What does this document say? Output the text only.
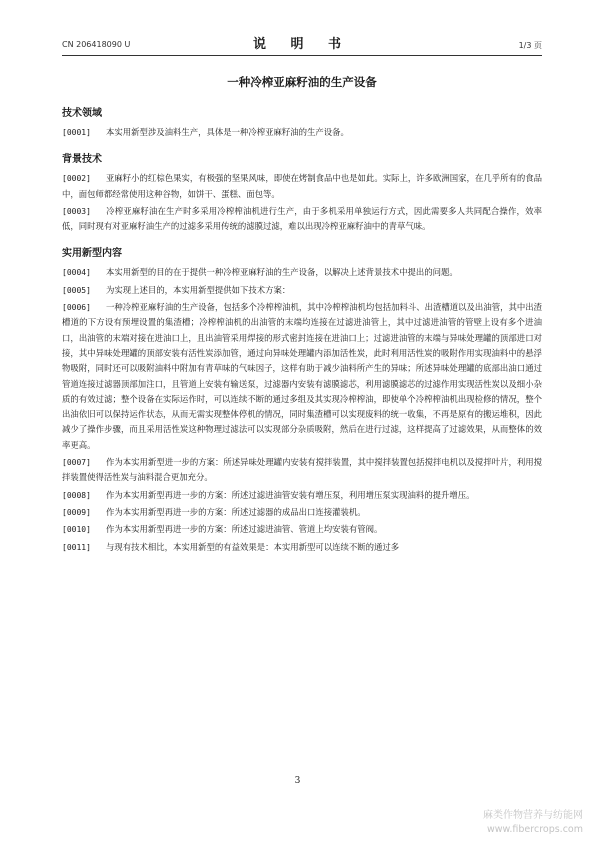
CN 206418090 U	说 明 书	1/3 页
一种冷榨亚麻籽油的生产设备
技术领域

[0001] 本实用新型涉及油料生产，具体是一种冷榨亚麻籽油的生产设备。

背景技术

[0002] 亚麻籽小的红棕色果实，有极强的坚果风味，即使在烤制食品中也是如此。实际上，许多欧洲国家，在几乎所有的食品中，面包师都经常使用这种谷物，如饼干、蛋糕、面包等。

[0003] 冷榨亚麻籽油在生产时多采用冷榨榨油机进行生产，由于多机采用单独运行方式，因此需要多人共同配合操作，效率低，同时现有对亚麻籽油生产的过滤多采用传统的滤膜过滤，难以出现冷榨亚麻籽油中的青草气味。

实用新型内容

[0004] 本实用新型的目的在于提供一种冷榨亚麻籽油的生产设备，以解决上述背景技术中提出的问题。

[0005] 为实现上述目的，本实用新型提供如下技术方案：

[0006] 一种冷榨亚麻籽油的生产设备，包括多个冷榨榨油机，其中冷榨榨油机均包括加料斗、出渣槽道以及出油管，其中出渣槽道的下方设有预埋设置的集渣槽；冷榨榨油机的出油管的末端均连接在过滤进油管上，其中过滤进油管的管壁上设有多个进油口，出油管的末端对接在进油口上，且出油管采用焊接的形式密封连接在进油口上；过滤进油管的末端与异味处理罐的顶部进口对接，其中异味处理罐的顶部安装有活性炭添加管，通过向异味处理罐内添加活性炭，此时利用活性炭的吸附作用实现油料中的悬浮物吸附，同时还可以吸附油料中附加有青草味的气味因子，这样有助于减少油料所产生的异味；所述异味处理罐的底部出油口通过管道连接过滤器顶部加注口，且管道上安装有输送泵，过滤器内安装有滤膜滤芯，利用滤膜滤芯的过滤作用实现活性炭以及细小杂质的有效过滤；整个设备在实际运作时，可以连续不断的通过多组及其实现冷榨榨油，即使单个冷榨榨油机出现检修的情况，整个出油依旧可以保持运作状态，从而无需实现整体停机的情况，同时集渣槽可以实现废料的统一收集，不再是原有的搬运堆积，因此减少了操作步骤，而且采用活性炭这种物理过滤法可以实现部分杂质吸附，然后在进行过滤，这样提高了过滤效果，从而整体的效率更高。

[0007] 作为本实用新型进一步的方案：所述异味处理罐内安装有搅拌装置，其中搅拌装置包括搅拌电机以及搅拌叶片，利用搅拌装置使得活性炭与油料混合更加充分。

[0008] 作为本实用新型再进一步的方案：所述过滤进油管安装有增压泵，利用增压泵实现油料的提升增压。

[0009] 作为本实用新型再进一步的方案：所述过滤器的成品出口连接灌装机。

[0010] 作为本实用新型再进一步的方案：所述过滤进油管、管道上均安装有管阀。

[0011] 与现有技术相比，本实用新型的有益效果是：本实用新型可以连续不断的通过多

3
麻类作物营养与纺能网
www.fibercrops.com
